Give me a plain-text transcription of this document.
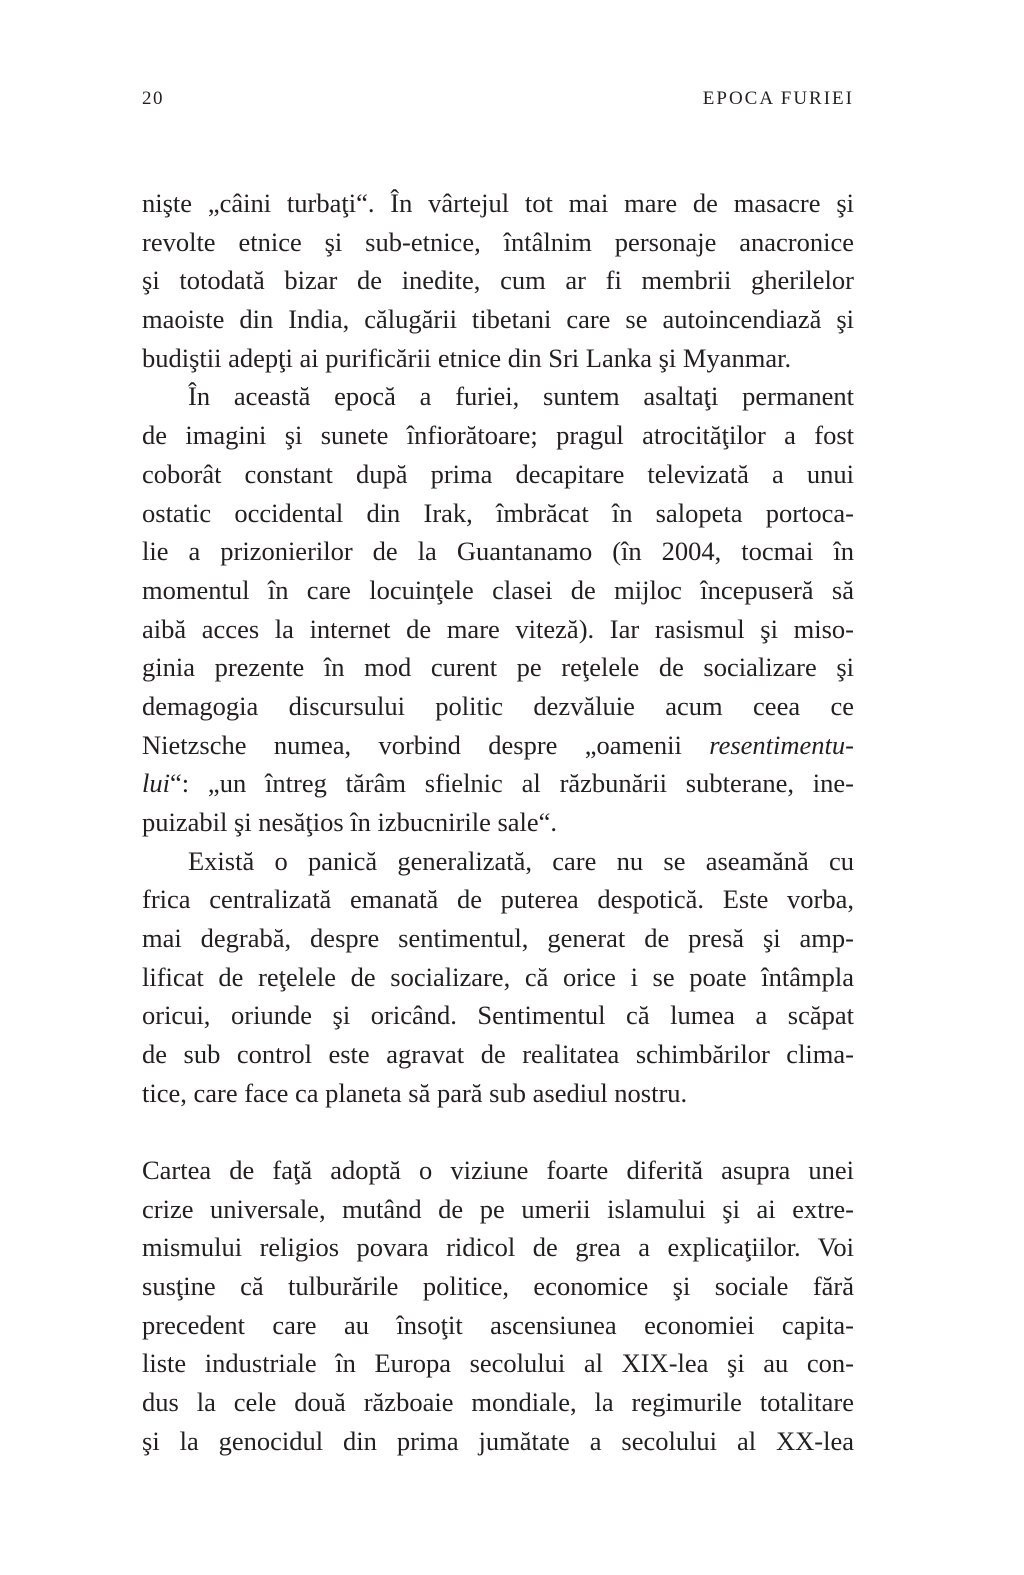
20	EPOCA FURIEI
nişte „câini turbaţi“. În vârtejul tot mai mare de masacre şi
revolte etnice şi sub-etnice, întâlnim personaje anacronice
şi totodată bizar de inedite, cum ar fi membrii gherilelor
maoiste din India, călugării tibetani care se autoincendiază şi
budiştii adepţi ai purificării etnice din Sri Lanka şi Myanmar.
În această epocă a furiei, suntem asaltaţi permanent
de imagini şi sunete înfiorătoare; pragul atrocităţilor a fost
coborât constant după prima decapitare televizată a unui
ostatic occidental din Irak, îmbrăcat în salopeta portoca-
lie a prizonierilor de la Guantanamo (în 2004, tocmai în
momentul în care locuinţele clasei de mijloc începuseră să
aibă acces la internet de mare viteză). Iar rasismul şi miso-
ginia prezente în mod curent pe reţelele de socializare şi
demagogia discursului politic dezvăluie acum ceea ce
Nietzsche numea, vorbind despre „oamenii resentimentu-
lui“: „un întreg tărâm sfielnic al răzbunării subterane, ine-
puizabil şi nesăţios în izbucnirile sale“.
Există o panică generalizată, care nu se aseamănă cu
frica centralizată emanată de puterea despotică. Este vorba,
mai degrabă, despre sentimentul, generat de presă şi amp-
lificat de reţelele de socializare, că orice i se poate întâmpla
oricui, oriunde şi oricând. Sentimentul că lumea a scăpat
de sub control este agravat de realitatea schimbărilor clima-
tice, care face ca planeta să pară sub asediul nostru.
Cartea de faţă adoptă o viziune foarte diferită asupra unei
crize universale, mutând de pe umerii islamului şi ai extre-
mismului religios povara ridicol de grea a explicaţiilor. Voi
susţine că tulburările politice, economice şi sociale fără
precedent care au însoţit ascensiunea economiei capita-
liste industriale în Europa secolului al XIX-lea şi au con-
dus la cele două războaie mondiale, la regimurile totalitare
şi la genocidul din prima jumătate a secolului al XX-lea
